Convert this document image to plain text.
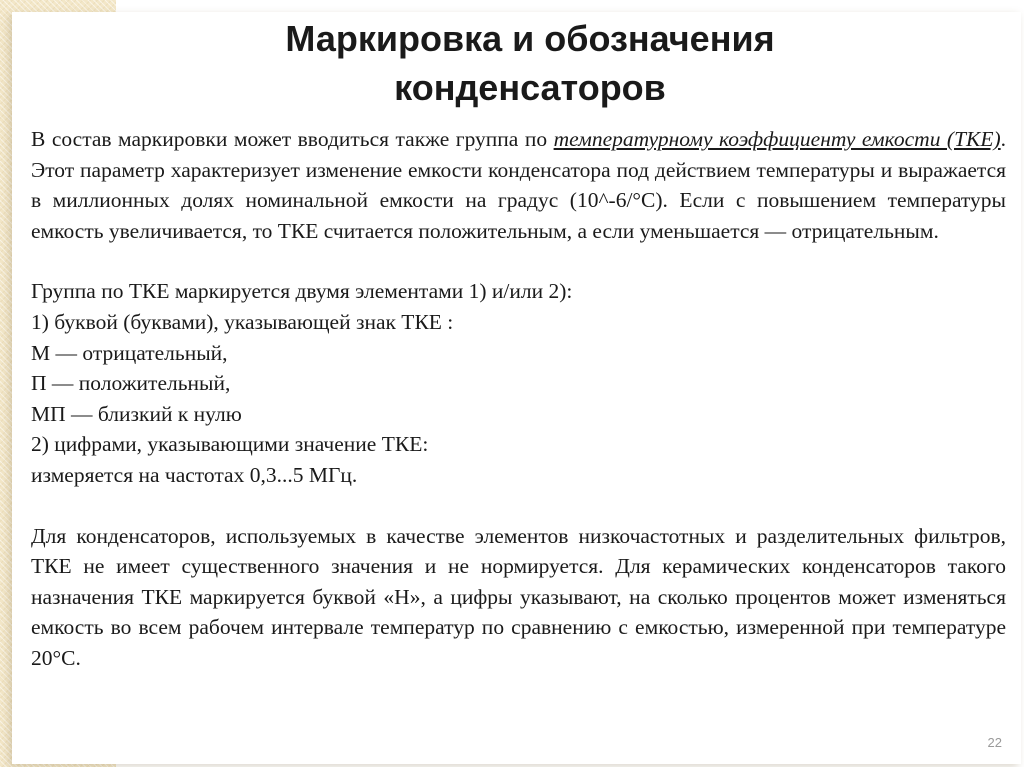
Маркировка и обозначения
конденсаторов

В состав маркировки может вводиться также группа по температурному коэффициенту емкости (ТКЕ). Этот параметр характеризует изменение емкости конденсатора под действием температуры и выражается в миллионных долях номинальной емкости на градус (10^-6/°С). Если с повышением температуры емкость увеличивается, то ТКЕ считается положительным, а если уменьшается — отрицательным.

Группа по ТКЕ маркируется двумя элементами 1) и/или 2):

1) буквой (буквами), указывающей знак ТКЕ :

М — отрицательный,

П — положительный,

МП — близкий к нулю

2) цифрами, указывающими значение ТКЕ:

измеряется на частотах 0,3...5 МГц.

Для конденсаторов, используемых в качестве элементов низкочастотных и разделительных фильтров, ТКЕ не имеет существенного значения и не нормируется. Для керамических конденсаторов такого назначения ТКЕ маркируется буквой «Н», а цифры указывают, на сколько процентов может изменяться емкость во всем рабочем интервале температур по сравнению с емкостью, измеренной при температуре 20°С.

22
